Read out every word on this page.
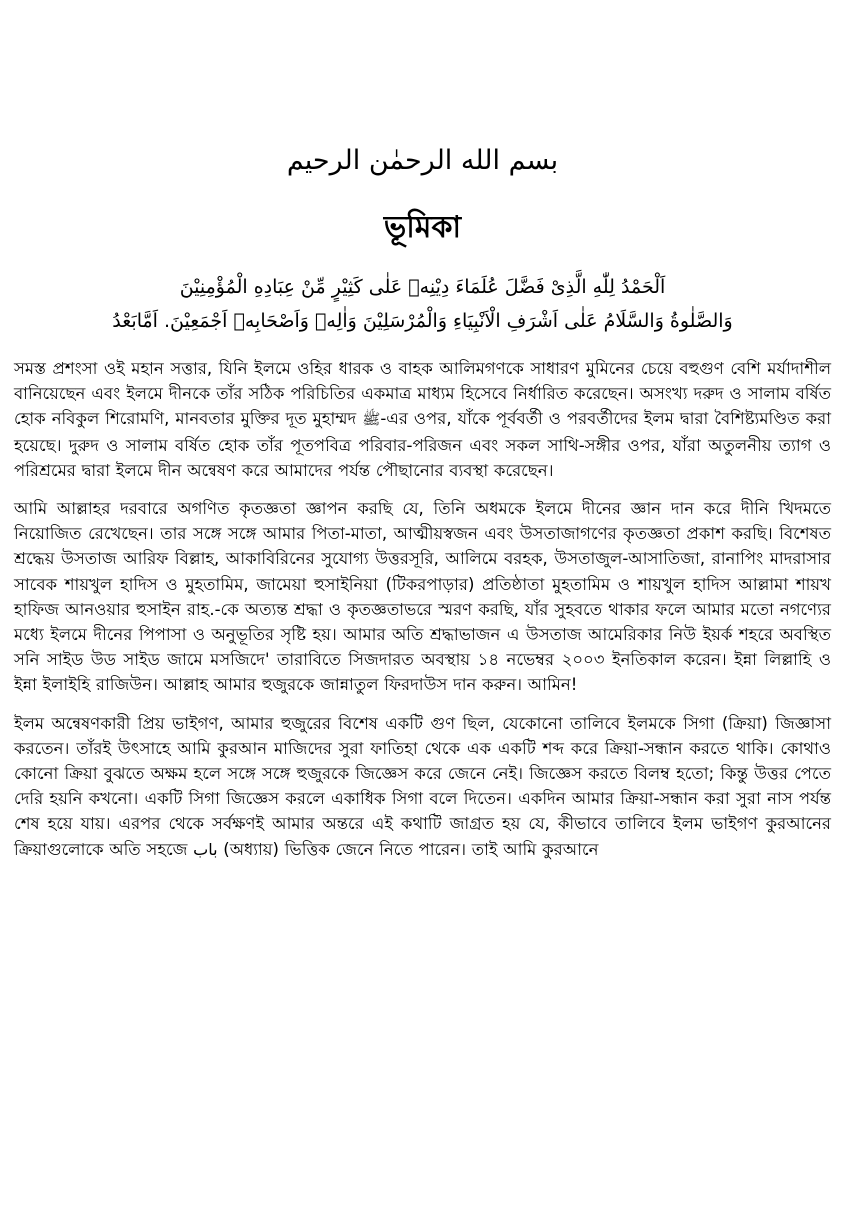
بسم الله الرحمٰن الرحيم
ভূমিকা
اَلْحَمْدُ لِلّٰهِ الَّذِىْ فَضَّلَ عُلَمَاءَ دِيْنِهٖ عَلٰى كَثِيْرٍ مِّنْ عِبَادِهِ الْمُؤْمِنِيْنَ
وَالصَّلٰوةُ وَالسَّلَامُ عَلٰى اَشْرَفِ الْاَنْبِيَاءِ وَالْمُرْسَلِيْنَ وَاٰلِهٖ وَاَصْحَابِهٖ اَجْمَعِيْنَ. اَمَّابَعْدُ

সমস্ত প্রশংসা ওই মহান সত্তার, যিনি ইলমে ওহির ধারক ও বাহক আলিমগণকে সাধারণ মুমিনের চেয়ে বহুগুণ বেশি মর্যাদাশীল বানিয়েছেন এবং ইলমে দীনকে তাঁর সঠিক পরিচিতির একমাত্র মাধ্যম হিসেবে নির্ধারিত করেছেন। অসংখ্য দরুদ ও সালাম বর্ষিত হোক নবিকুল শিরোমণি, মানবতার মুক্তির দূত মুহাম্মদ ﷺ-এর ওপর, যাঁকে পূর্ববর্তী ও পরবর্তীদের ইলম দ্বারা বৈশিষ্ট্যমণ্ডিত করা হয়েছে। দুরুদ ও সালাম বর্ষিত হোক তাঁর পূতপবিত্র পরিবার-পরিজন এবং সকল সাথি-সঙ্গীর ওপর, যাঁরা অতুলনীয় ত্যাগ ও পরিশ্রমের দ্বারা ইলমে দীন অন্বেষণ করে আমাদের পর্যন্ত পৌছানোর ব্যবস্থা করেছেন।

আমি আল্লাহর দরবারে অগণিত কৃতজ্ঞতা জ্ঞাপন করছি যে, তিনি অধমকে ইলমে দীনের জ্ঞান দান করে দীনি খিদমতে নিয়োজিত রেখেছেন। তার সঙ্গে সঙ্গে আমার পিতা-মাতা, আত্মীয়স্বজন এবং উসতাজাগণের কৃতজ্ঞতা প্রকাশ করছি। বিশেষত শ্রদ্ধেয় উসতাজ আরিফ বিল্লাহ, আকাবিরিনের সুযোগ্য উত্তরসূরি, আলিমে বরহক, উসতাজুল-আসাতিজা, রানাপিং মাদরাসার সাবেক শায়খুল হাদিস ও মুহতামিম, জামেয়া হুসাইনিয়া (টিকরপাড়ার) প্রতিষ্ঠাতা মুহতামিম ও শায়খুল হাদিস আল্লামা শায়খ হাফিজ আনওয়ার হুসাইন রাহ.-কে অত্যন্ত শ্রদ্ধা ও কৃতজ্ঞতাভরে স্মরণ করছি, যাঁর সুহবতে থাকার ফলে আমার মতো নগণ্যের মধ্যে ইলমে দীনের পিপাসা ও অনুভূতির সৃষ্টি হয়। আমার অতি শ্রদ্ধাভাজন এ উসতাজ আমেরিকার নিউ ইয়র্ক শহরে অবস্থিত সনি সাইড উড সাইড জামে মসজিদে' তারাবিতে সিজদারত অবস্থায় ১৪ নভেম্বর ২০০৩ ইনতিকাল করেন। ইন্না লিল্লাহি ও ইন্না ইলাইহি রাজিউন। আল্লাহ আমার হুজুরকে জান্নাতুল ফিরদাউস দান করুন। আমিন!

ইলম অন্বেষণকারী প্রিয় ভাইগণ, আমার হুজুরের বিশেষ একটি গুণ ছিল, যেকোনো তালিবে ইলমকে সিগা (ক্রিয়া) জিজ্ঞাসা করতেন। তাঁরই উৎসাহে আমি কুরআন মাজিদের সুরা ফাতিহা থেকে এক একটি শব্দ করে ক্রিয়া-সন্ধান করতে থাকি। কোথাও কোনো ক্রিয়া বুঝতে অক্ষম হলে সঙ্গে সঙ্গে হুজুরকে জিজ্ঞেস করে জেনে নেই। জিজ্ঞেস করতে বিলম্ব হতো; কিন্তু উত্তর পেতে দেরি হয়নি কখনো। একটি সিগা জিজ্ঞেস করলে একাধিক সিগা বলে দিতেন। একদিন আমার ক্রিয়া-সন্ধান করা সুরা নাস পর্যন্ত শেষ হয়ে যায়। এরপর থেকে সর্বক্ষণই আমার অন্তরে এই কথাটি জাগ্রত হয় যে, কীভাবে তালিবে ইলম ভাইগণ কুরআনের ক্রিয়াগুলোকে অতি সহজে باب (অধ্যায়) ভিত্তিক জেনে নিতে পারেন। তাই আমি কুরআনে
